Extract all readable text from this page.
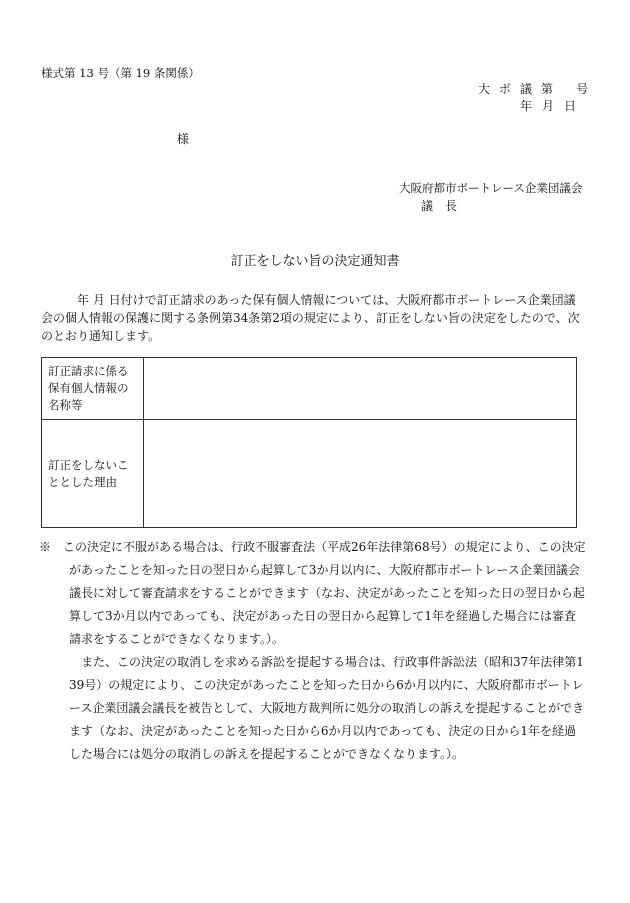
様式第 13 号（第 19 条関係）
大 ボ 議 第 号
年 月 日
様
大阪府都市ボートレース企業団議会
議　長
訂正をしない旨の決定通知書
年 月 日付けで訂正請求のあった保有個人情報については、大阪府都市ボートレース企業団議会の個人情報の保護に関する条例第34条第2項の規定により、訂正をしない旨の決定をしたので、次のとおり通知します。
訂正請求に係る保有個人情報の名称等	
訂正をしないこととした理由	

※　 この決定に不服がある場合は、行政不服審査法（平成26年法律第68号）の規定により、この決定があったことを知った日の翌日から起算して3か月以内に、大阪府都市ボートレース企業団議会議長に対して審査請求をすることができます（なお、決定があったことを知った日の翌日から起算して3か月以内であっても、決定があった日の翌日から起算して1年を経過した場合には審査請求をすることができなくなります。）。

また、この決定の取消しを求める訴訟を提起する場合は、行政事件訴訟法（昭和37年法律第139号）の規定により、この決定があったことを知った日から6か月以内に、大阪府都市ボートレース企業団議会議長を被告として、大阪地方裁判所に処分の取消しの訴えを提起することができます（なお、決定があったことを知った日から6か月以内であっても、決定の日から1年を経過した場合には処分の取消しの訴えを提起することができなくなります。）。
